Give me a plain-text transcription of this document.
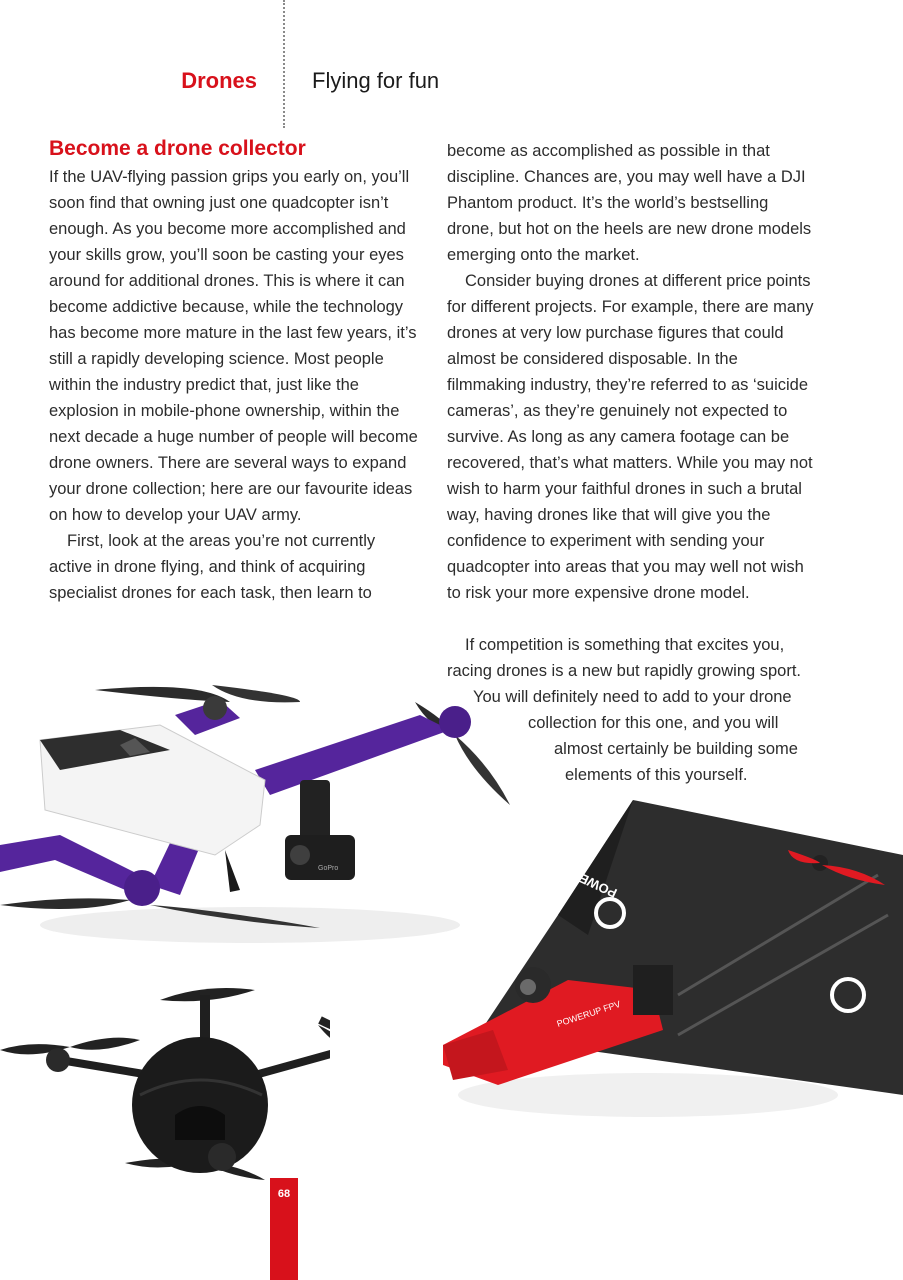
Drones	Flying for fun
Become a drone collector

If the UAV-flying passion grips you early on, you’ll soon find that owning just one quadcopter isn’t enough. As you become more accomplished and your skills grow, you’ll soon be casting your eyes around for additional drones. This is where it can become addictive because, while the technology has become more mature in the last few years, it’s still a rapidly developing science. Most people within the industry predict that, just like the explosion in mobile-phone ownership, within the next decade a huge number of people will become drone owners. There are several ways to expand your drone collection; here are our favourite ideas on how to develop your UAV army.

First, look at the areas you’re not currently active in drone flying, and think of acquiring specialist drones for each task, then learn to

become as accomplished as possible in that discipline. Chances are, you may well have a DJI Phantom product. It’s the world’s bestselling drone, but hot on the heels are new drone models emerging onto the market.

Consider buying drones at different price points for different projects. For example, there are many drones at very low purchase figures that could almost be considered disposable. In the filmmaking industry, they’re referred to as ‘suicide cameras’, as they’re genuinely not expected to survive. As long as any camera footage can be recovered, that’s what matters. While you may not wish to harm your faithful drones in such a brutal way, having drones like that will give you the confidence to experiment with sending your quadcopter into areas that you may well not wish to risk your more expensive drone model.

If competition is something that excites you,
racing drones is a new but rapidly growing sport.
You will definitely need to add to your drone
collection for this one, and you will
almost certainly be building some
elements of this yourself.
GoPro	POWERUP
POWERUP FPV
68
